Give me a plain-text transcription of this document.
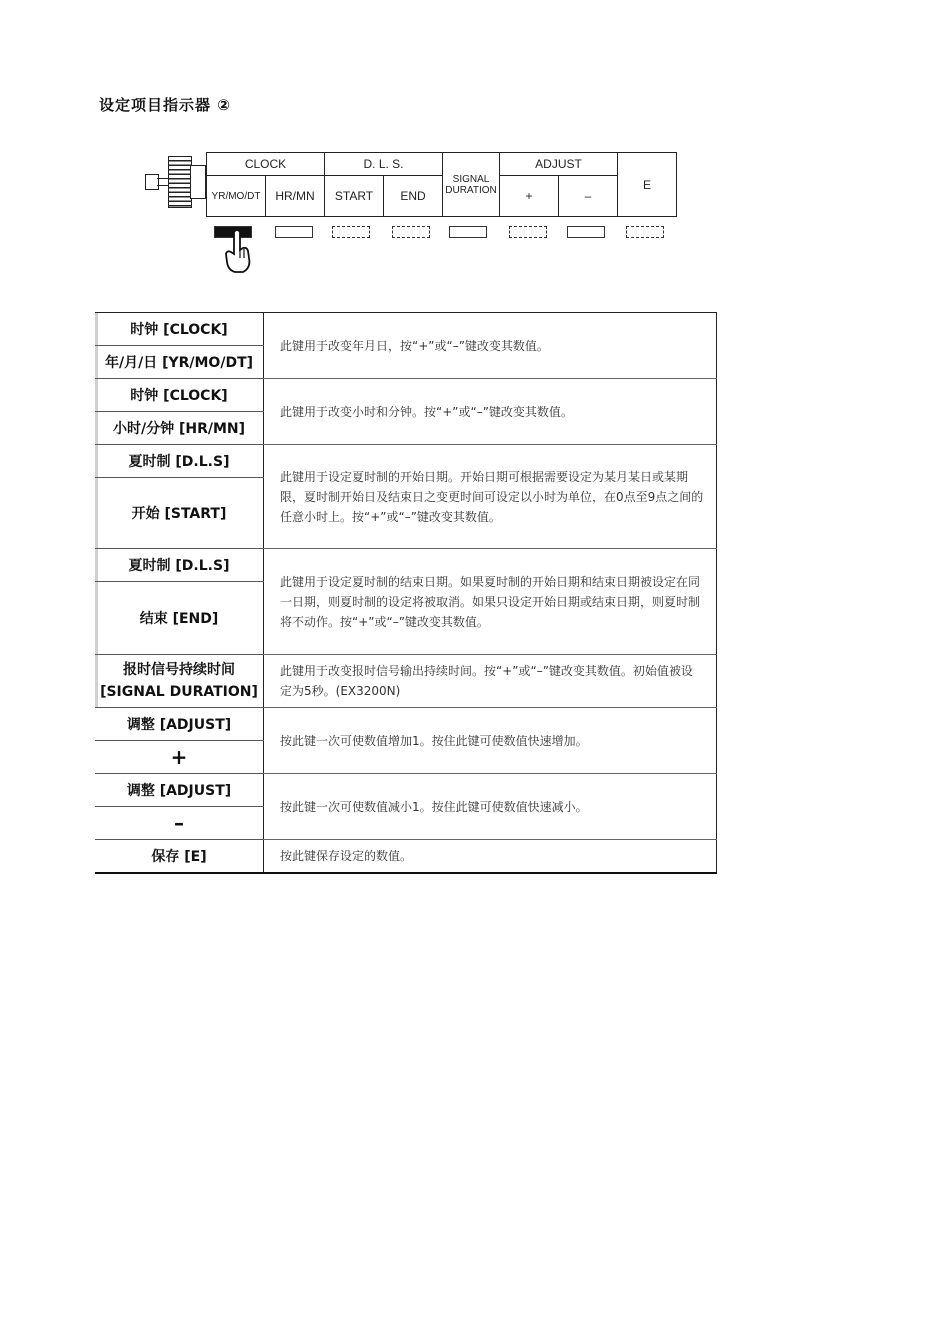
设定项目指示器 ②
CLOCK		D. L. S.		SIGNAL DURATION	ADJUST		E
YR/MO/DT	HR/MN	START	END		+	–	
时钟 [CLOCK]	此键用于改变年月日，按“+”或“–”键改变其数值。
年/月/日 [YR/MO/DT]	
时钟 [CLOCK]	此键用于改变小时和分钟。按“+”或“–”键改变其数值。
小时/分钟 [HR/MN]	
夏时制 [D.L.S]	此键用于设定夏时制的开始日期。开始日期可根据需要设定为某月某日或某期限，夏时制开始日及结束日之变更时间可设定以小时为单位，在0点至9点之间的任意小时上。按“+”或“–”键改变其数值。
开始 [START]	
夏时制 [D.L.S]	此键用于设定夏时制的结束日期。如果夏时制的开始日期和结束日期被设定在同一日期，则夏时制的设定将被取消。如果只设定开始日期或结束日期，则夏时制将不动作。按“+”或“–”键改变其数值。
结束 [END]	

报时信号持续时间
[SIGNAL DURATION]	此键用于改变报时信号输出持续时间。按“+”或“–”键改变其数值。初始值被设定为5秒。(EX3200N)
调整 [ADJUST]	按此键一次可使数值增加1。按住此键可使数值快速增加。
+	
调整 [ADJUST]	按此键一次可使数值减小1。按住此键可使数值快速减小。
–	
保存 [E]	按此键保存设定的数值。
